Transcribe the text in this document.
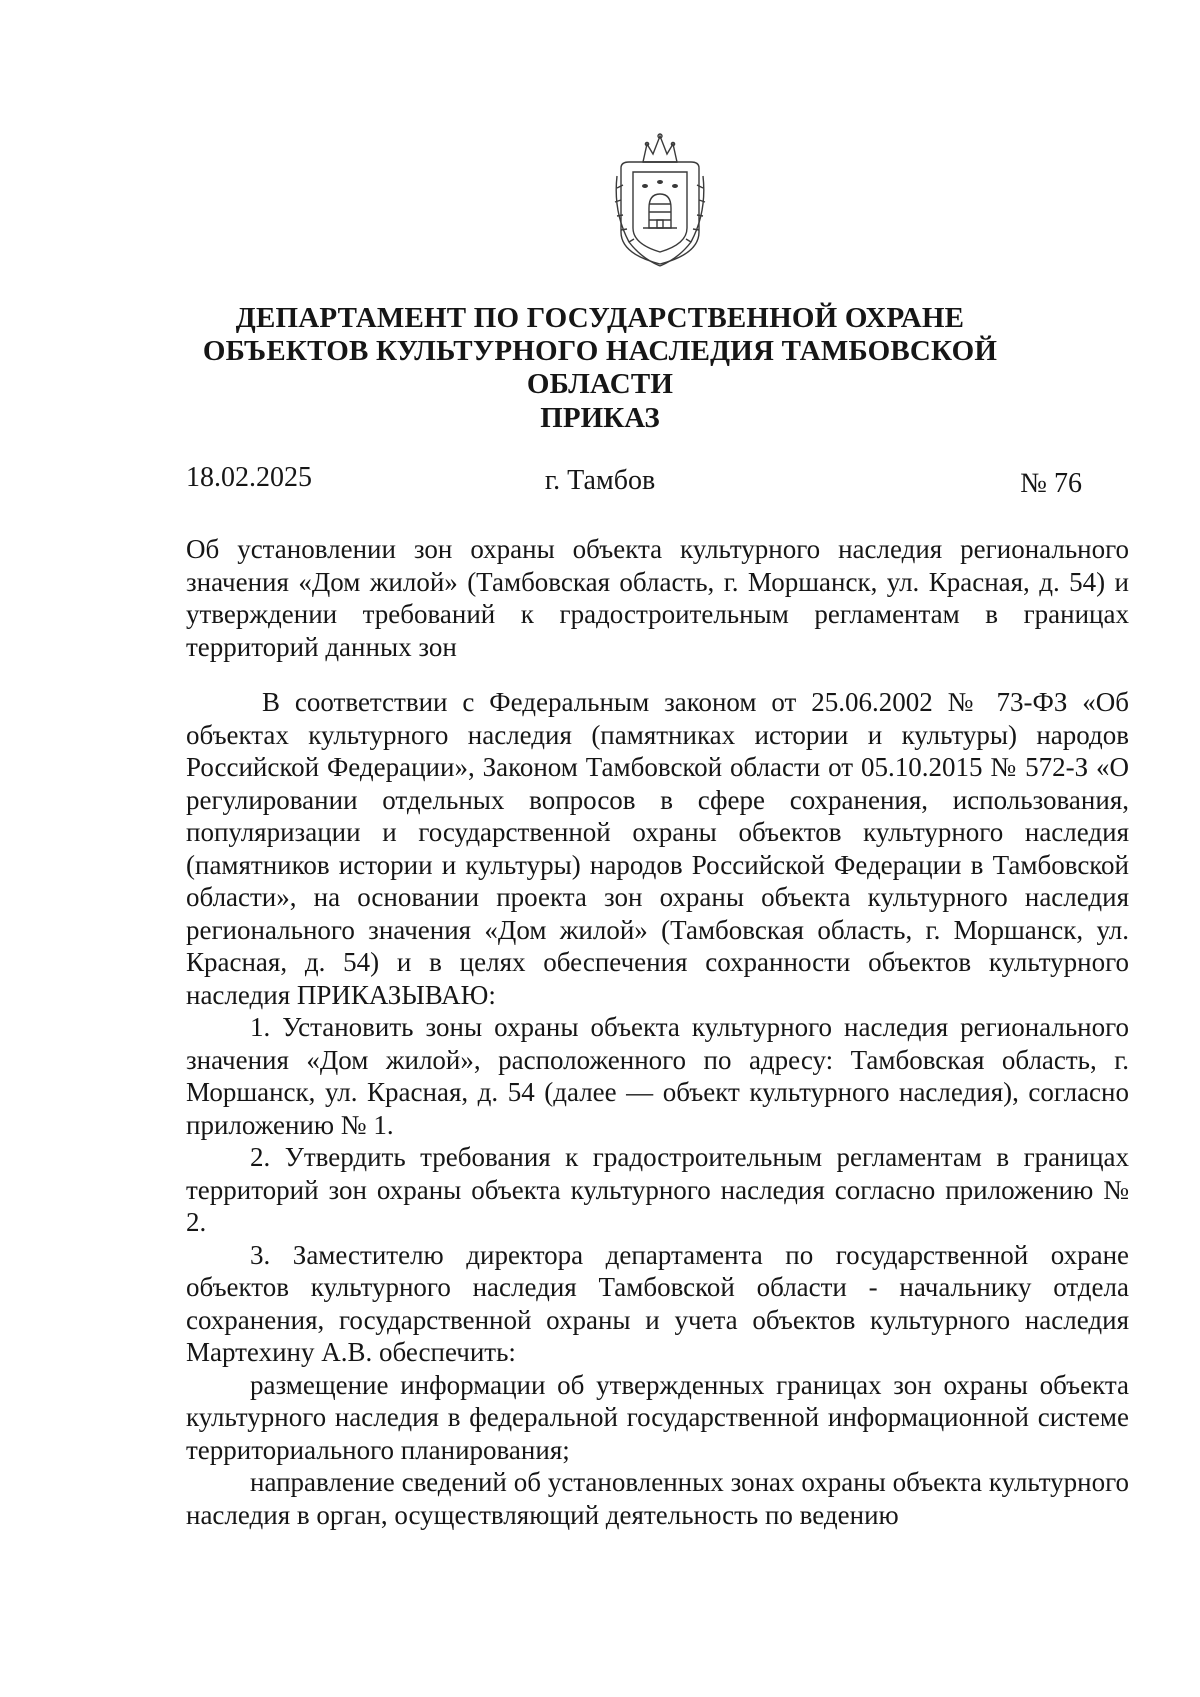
ДЕПАРТАМЕНТ ПО ГОСУДАРСТВЕННОЙ ОХРАНЕ ОБЪЕКТОВ КУЛЬТУРНОГО НАСЛЕДИЯ ТАМБОВСКОЙ ОБЛАСТИ
ПРИКАЗ
18.02.2025	г. Тамбов	№ 76
Об установлении зон охраны объекта культурного наследия регионального значения «Дом жилой» (Тамбовская область, г. Моршанск, ул. Красная, д. 54) и утверждении требований к градостроительным регламентам в границах территорий данных зон

В соответствии с Федеральным законом от 25.06.2002 № 73-ФЗ «Об объектах культурного наследия (памятниках истории и культуры) народов Российской Федерации», Законом Тамбовской области от 05.10.2015 № 572-З «О регулировании отдельных вопросов в сфере сохранения, использования, популяризации и государственной охраны объектов культурного наследия (памятников истории и культуры) народов Российской Федерации в Тамбовской области», на основании проекта зон охраны объекта культурного наследия регионального значения «Дом жилой» (Тамбовская область, г. Моршанск, ул. Красная, д. 54) и в целях обеспечения сохранности объектов культурного наследия ПРИКАЗЫВАЮ:

1. Установить зоны охраны объекта культурного наследия регионального значения «Дом жилой», расположенного по адресу: Тамбовская область, г. Моршанск, ул. Красная, д. 54 (далее — объект культурного наследия), согласно приложению № 1.

2. Утвердить требования к градостроительным регламентам в границах территорий зон охраны объекта культурного наследия согласно приложению № 2.

3. Заместителю директора департамента по государственной охране объектов культурного наследия Тамбовской области - начальнику отдела сохранения, государственной охраны и учета объектов культурного наследия Мартехину А.В. обеспечить:

размещение информации об утвержденных границах зон охраны объекта культурного наследия в федеральной государственной информационной системе территориального планирования;

направление сведений об установленных зонах охраны объекта культурного наследия в орган, осуществляющий деятельность по ведению
